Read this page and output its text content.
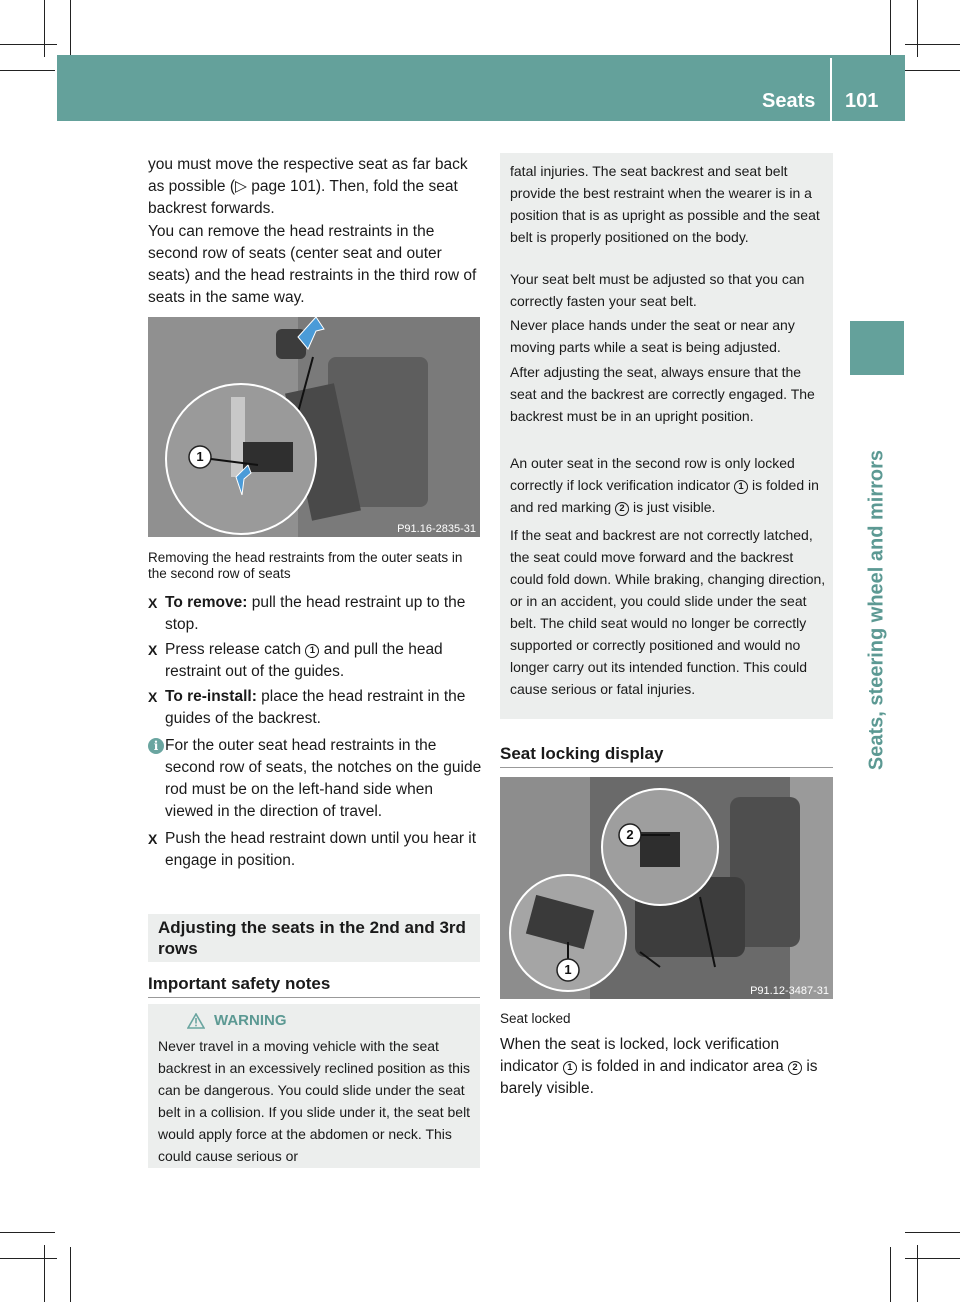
Seats 101
Seats, steering wheel and mirrors
you must move the respective seat as far back as possible (▷ page 101). Then, fold the seat backrest forwards.
You can remove the head restraints in the second row of seats (center seat and outer seats) and the head restraints in the third row of seats in the same way.
1
P91.16-2835-31
Removing the head restraints from the outer seats in the second row of seats
X To remove: pull the head restraint up to the stop.
X Press release catch 1 and pull the head restraint out of the guides.
X To re-install: place the head restraint in the guides of the backrest.
i For the outer seat head restraints in the second row of seats, the notches on the guide rod must be on the left-hand side when viewed in the direction of travel.
X Push the head restraint down until you hear it engage in position.
Adjusting the seats in the 2nd and 3rd rows
Important safety notes
WARNING
Never travel in a moving vehicle with the seat backrest in an excessively reclined position as this can be dangerous. You could slide under the seat belt in a collision. If you slide under it, the seat belt would apply force at the abdomen or neck. This could cause serious or
fatal injuries. The seat backrest and seat belt provide the best restraint when the wearer is in a position that is as upright as possible and the seat belt is properly positioned on the body.
Your seat belt must be adjusted so that you can correctly fasten your seat belt.
Never place hands under the seat or near any moving parts while a seat is being adjusted.
After adjusting the seat, always ensure that the seat and the backrest are correctly engaged. The backrest must be in an upright position.
An outer seat in the second row is only locked correctly if lock verification indicator 1 is folded in and red marking 2 is just visible.
If the seat and backrest are not correctly latched, the seat could move forward and the backrest could fold down. While braking, changing direction, or in an accident, you could slide under the seat belt. The child seat would no longer be correctly supported or correctly positioned and would no longer carry out its intended function. This could cause serious or fatal injuries.
Seat locking display
2
1
P91.12-3487-31
Seat locked
When the seat is locked, lock verification indicator 1 is folded in and indicator area 2 is barely visible.
